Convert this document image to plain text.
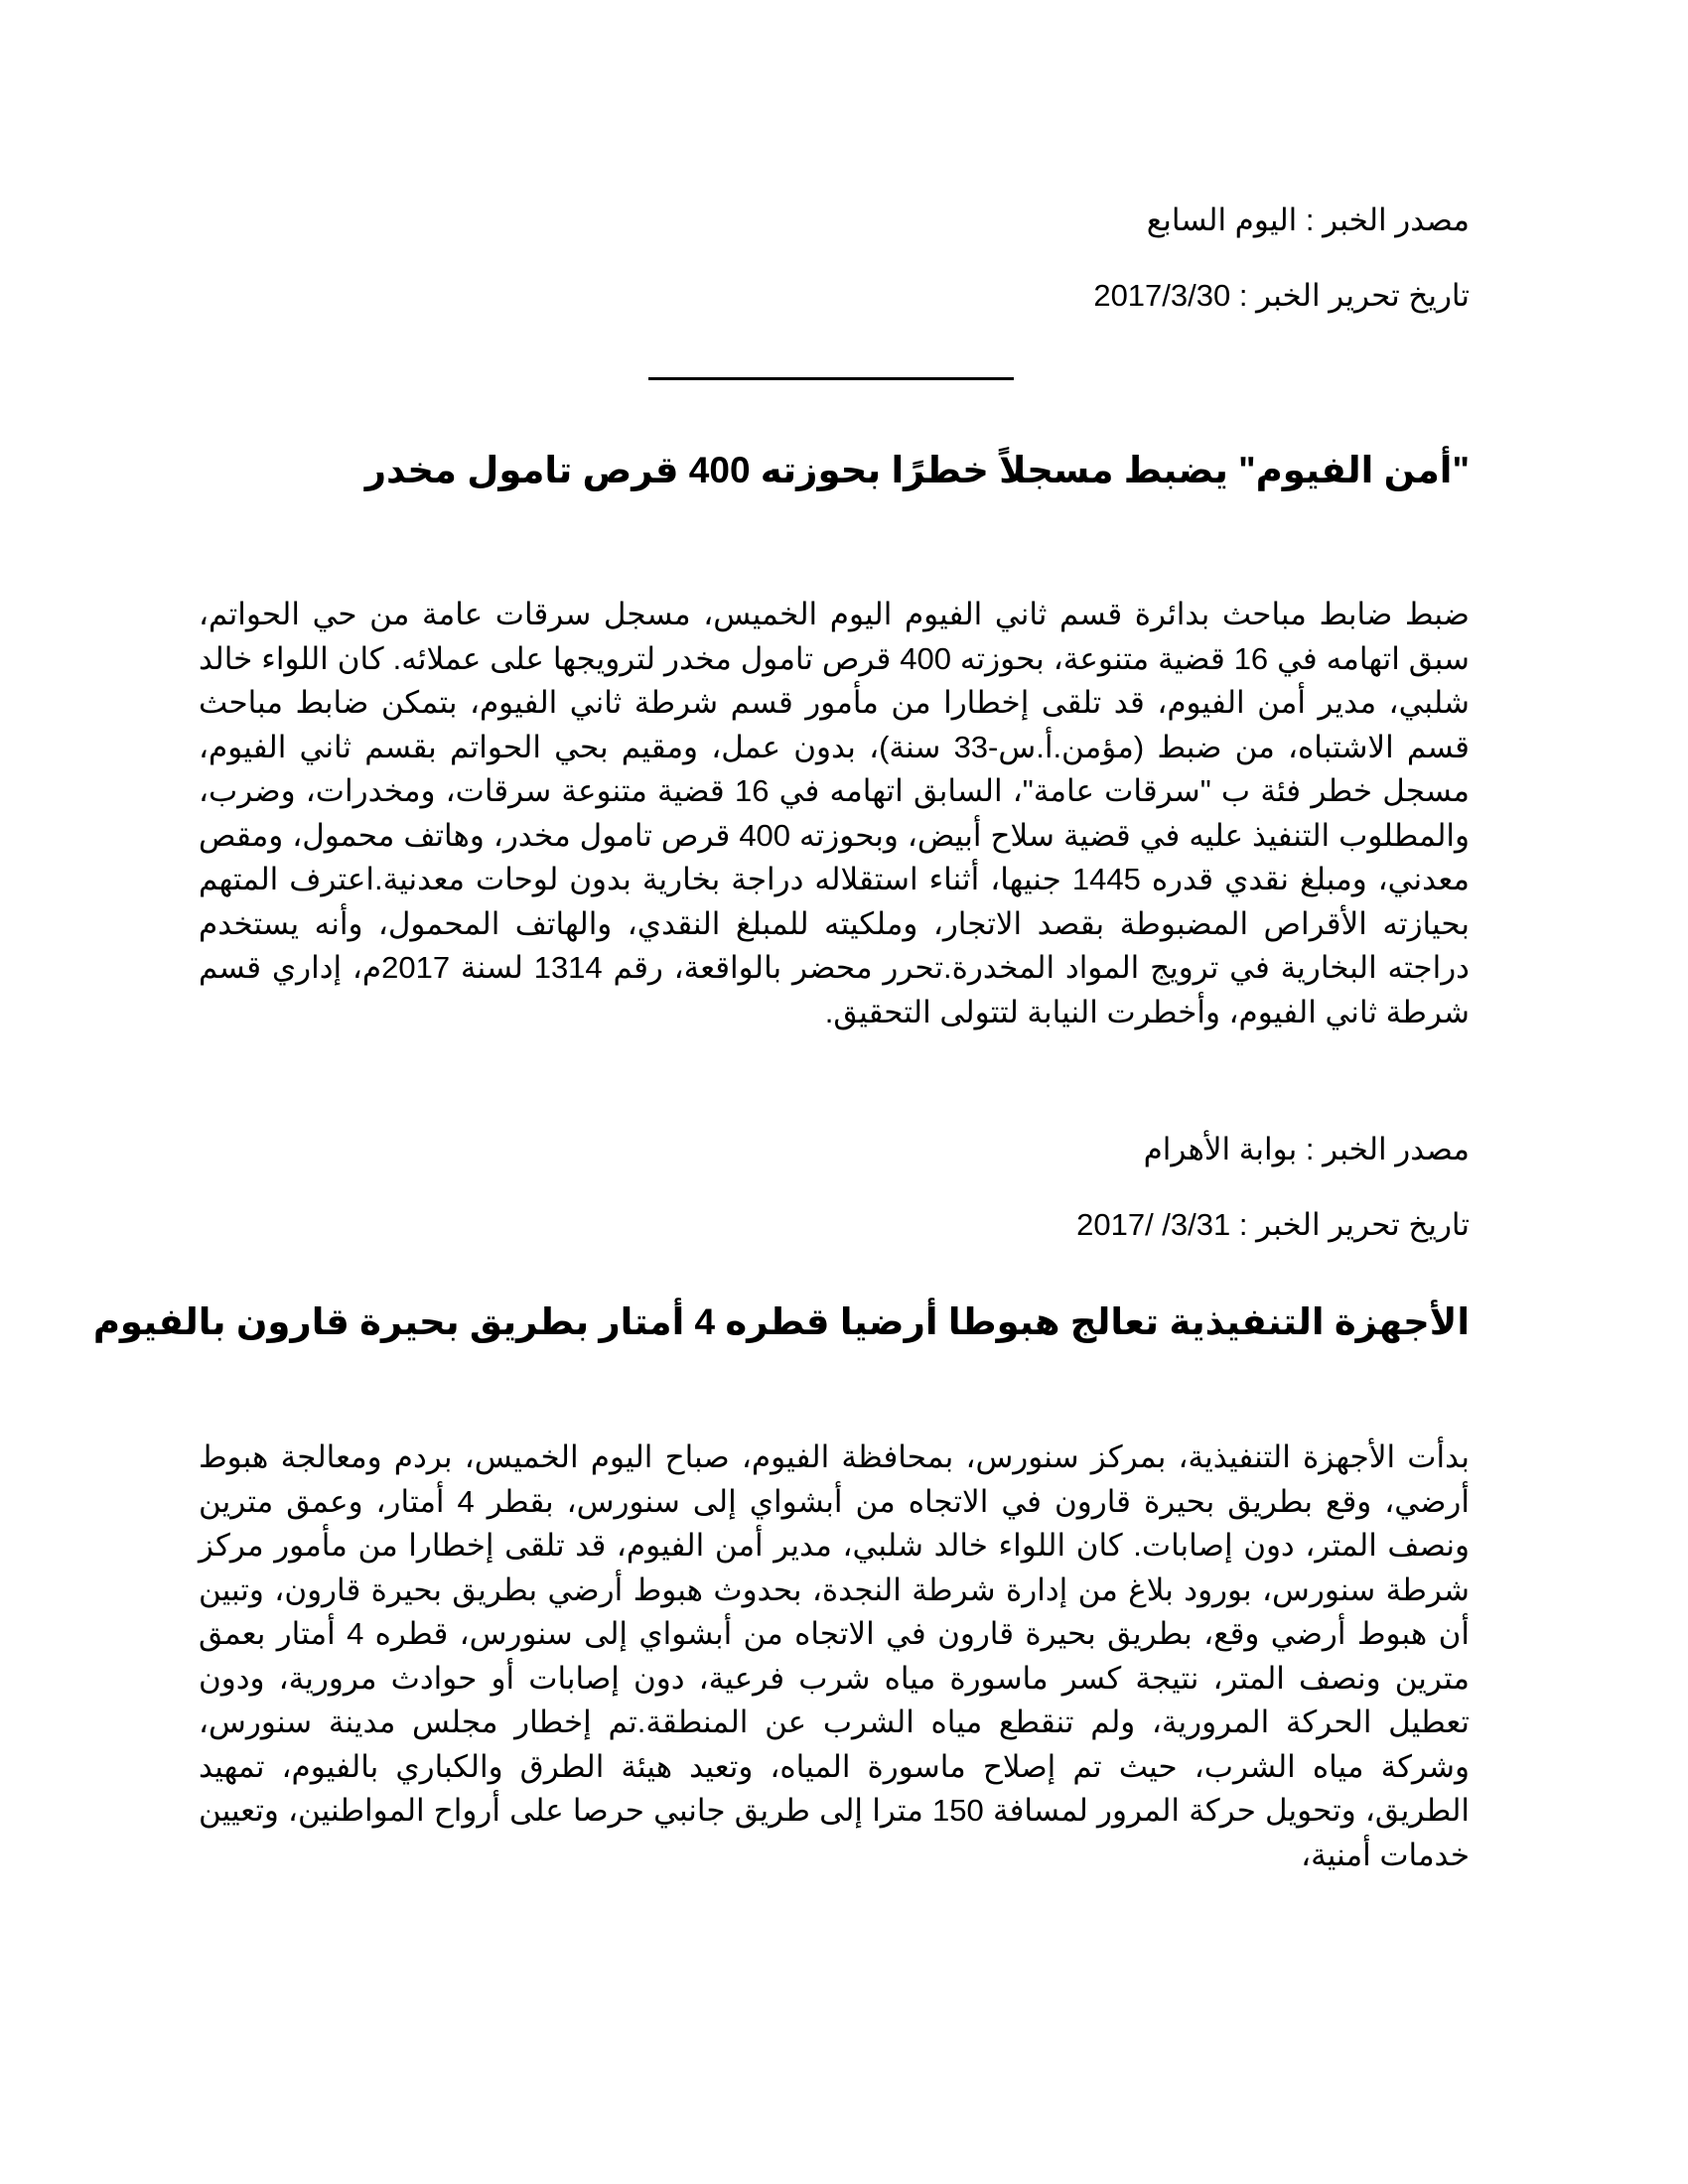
مصدر الخبر : اليوم السابع
تاريخ تحرير الخبر : 2017/3/30
"أمن الفيوم" يضبط مسجلاً خطرًا بحوزته 400 قرص تامول مخدر
ضبط ضابط مباحث بدائرة قسم ثاني الفيوم اليوم الخميس، مسجل سرقات عامة من حي الحواتم، سبق اتهامه في 16 قضية متنوعة، بحوزته 400 قرص تامول مخدر لترويجها على عملائه. كان اللواء خالد شلبي، مدير أمن الفيوم، قد تلقى إخطارا من مأمور قسم شرطة ثاني الفيوم، بتمكن ضابط مباحث قسم الاشتباه، من ضبط (مؤمن.أ.س-33 سنة)، بدون عمل، ومقيم بحي الحواتم بقسم ثاني الفيوم، مسجل خطر فئة ب "سرقات عامة"، السابق اتهامه في 16 قضية متنوعة سرقات، ومخدرات، وضرب، والمطلوب التنفيذ عليه في قضية سلاح أبيض، وبحوزته 400 قرص تامول مخدر، وهاتف محمول، ومقص معدني، ومبلغ نقدي قدره 1445 جنيها، أثناء استقلاله دراجة بخارية بدون لوحات معدنية.اعترف المتهم بحيازته الأقراص المضبوطة بقصد الاتجار، وملكيته للمبلغ النقدي، والهاتف المحمول، وأنه يستخدم دراجته البخارية في ترويج المواد المخدرة.تحرر محضر بالواقعة، رقم 1314 لسنة 2017م، إداري قسم شرطة ثاني الفيوم، وأخطرت النيابة لتتولى التحقيق.
مصدر الخبر : بوابة الأهرام
تاريخ تحرير الخبر : 3/31/ /2017
الأجهزة التنفيذية تعالج هبوطا أرضيا قطره 4 أمتار بطريق بحيرة قارون بالفيوم
بدأت الأجهزة التنفيذية، بمركز سنورس، بمحافظة الفيوم، صباح اليوم الخميس، بردم ومعالجة هبوط أرضي، وقع بطريق بحيرة قارون في الاتجاه من أبشواي إلى سنورس، بقطر 4 أمتار، وعمق مترين ونصف المتر، دون إصابات. كان اللواء خالد شلبي، مدير أمن الفيوم، قد تلقى إخطارا من مأمور مركز شرطة سنورس، بورود بلاغ من إدارة شرطة النجدة، بحدوث هبوط أرضي بطريق بحيرة قارون، وتبين أن هبوط أرضي وقع، بطريق بحيرة قارون في الاتجاه من أبشواي إلى سنورس، قطره 4 أمتار بعمق مترين ونصف المتر، نتيجة كسر ماسورة مياه شرب فرعية، دون إصابات أو حوادث مرورية، ودون تعطيل الحركة المرورية، ولم تنقطع مياه الشرب عن المنطقة.تم إخطار مجلس مدينة سنورس، وشركة مياه الشرب، حيث تم إصلاح ماسورة المياه، وتعيد هيئة الطرق والكباري بالفيوم، تمهيد الطريق، وتحويل حركة المرور لمسافة 150 مترا إلى طريق جانبي حرصا على أرواح المواطنين، وتعيين خدمات أمنية،
